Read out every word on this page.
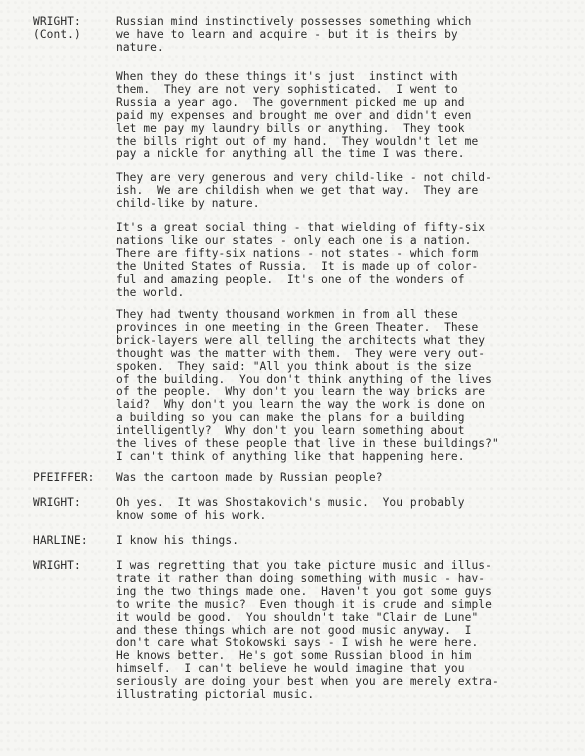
WRIGHT:
(Cont.)
Russian mind instinctively possesses something which
we have to learn and acquire - but it is theirs by
nature.
When they do these things it's just  instinct with
them.  They are not very sophisticated.  I went to
Russia a year ago.  The government picked me up and
paid my expenses and brought me over and didn't even
let me pay my laundry bills or anything.  They took
the bills right out of my hand.  They wouldn't let me
pay a nickle for anything all the time I was there.
They are very generous and very child-like - not child-
ish.  We are childish when we get that way.  They are
child-like by nature.
It's a great social thing - that wielding of fifty-six
nations like our states - only each one is a nation.
There are fifty-six nations - not states - which form
the United States of Russia.  It is made up of color-
ful and amazing people.  It's one of the wonders of
the world.
They had twenty thousand workmen in from all these
provinces in one meeting in the Green Theater.  These
brick-layers were all telling the architects what they
thought was the matter with them.  They were very out-
spoken.  They said: "All you think about is the size
of the building.  You don't think anything of the lives
of the people.  Why don't you learn the way bricks are
laid?  Why don't you learn the way the work is done on
a building so you can make the plans for a building
intelligently?  Why don't you learn something about
the lives of these people that live in these buildings?"
I can't think of anything like that happening here.
PFEIFFER: Was the cartoon made by Russian people?
WRIGHT:	Oh yes.  It was Shostakovich's music.  You probably
know some of his work.
HARLINE:	I know his things.
WRIGHT:	I was regretting that you take picture music and illus-
trate it rather than doing something with music - hav-
ing the two things made one.  Haven't you got some guys
to write the music?  Even though it is crude and simple
it would be good.  You shouldn't take "Clair de Lune"
and these things which are not good music anyway.  I
don't care what Stokowski says - I wish he were here.
He knows better.  He's got some Russian blood in him
himself.  I can't believe he would imagine that you
seriously are doing your best when you are merely extra-
illustrating pictorial music.
